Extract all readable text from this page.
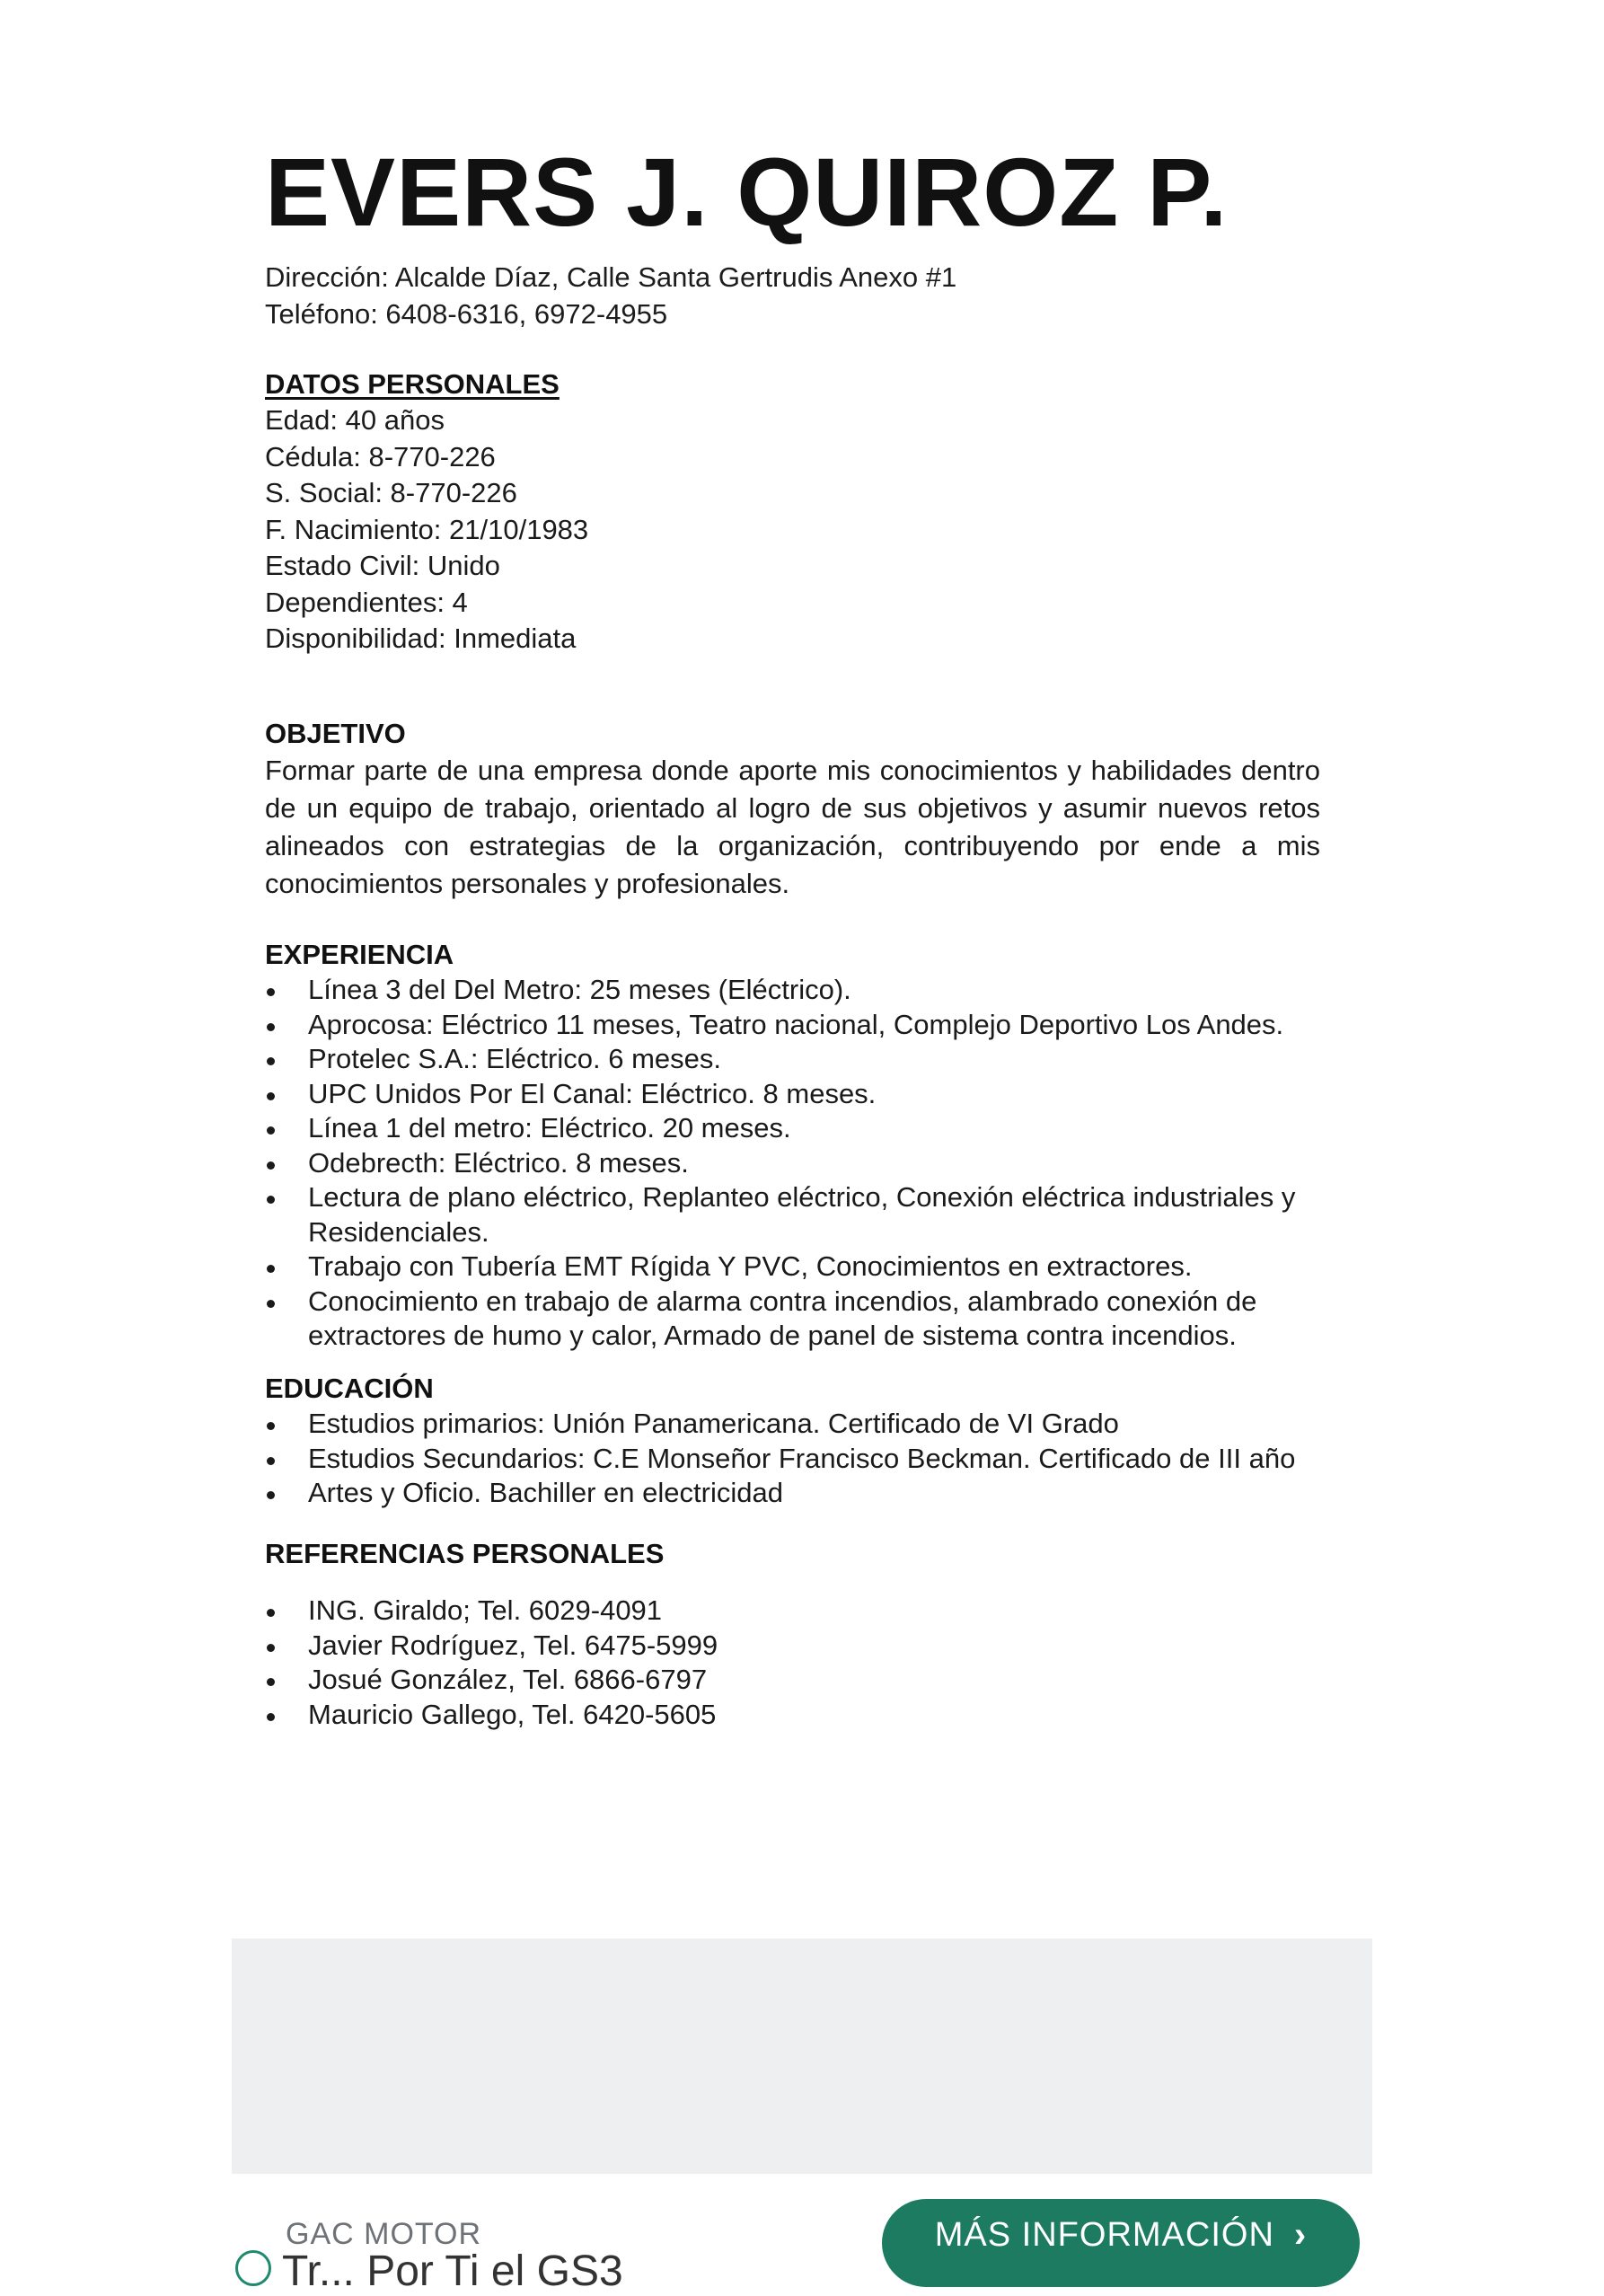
EVERS J. QUIROZ P.
Dirección: Alcalde Díaz, Calle Santa Gertrudis Anexo #1
Teléfono: 6408-6316, 6972-4955
DATOS PERSONALES
Edad: 40 años
Cédula: 8-770-226
S. Social: 8-770-226
F. Nacimiento: 21/10/1983
Estado Civil: Unido
Dependientes: 4
Disponibilidad: Inmediata
OBJETIVO

Formar parte de una empresa donde aporte mis conocimientos y habilidades dentro de un equipo de trabajo, orientado al logro de sus objetivos y asumir nuevos retos alineados con estrategias de la organización, contribuyendo por ende a mis conocimientos personales y profesionales.

EXPERIENCIA
Línea 3 del Del Metro: 25 meses (Eléctrico).
Aprocosa: Eléctrico 11 meses, Teatro nacional, Complejo Deportivo Los Andes.
Protelec S.A.: Eléctrico. 6 meses.
UPC Unidos Por El Canal: Eléctrico. 8 meses.
Línea 1 del metro: Eléctrico. 20 meses.
Odebrecth: Eléctrico. 8 meses.
Lectura de plano eléctrico, Replanteo eléctrico, Conexión eléctrica industriales y Residenciales.
Trabajo con Tubería EMT Rígida Y PVC, Conocimientos en extractores.
Conocimiento en trabajo de alarma contra incendios, alambrado conexión de extractores de humo y calor, Armado de panel de sistema contra incendios.
EDUCACIÓN
Estudios primarios: Unión Panamericana. Certificado de VI Grado
Estudios Secundarios: C.E Monseñor Francisco Beckman. Certificado de III año
Artes y Oficio. Bachiller en electricidad
REFERENCIAS PERSONALES
ING. Giraldo; Tel. 6029-4091
Javier Rodríguez, Tel. 6475-5999
Josué González, Tel. 6866-6797
Mauricio Gallego, Tel. 6420-5605
GAC MOTOR
Tr... Por Ti el GS3
MÁS INFORMACIÓN ›
